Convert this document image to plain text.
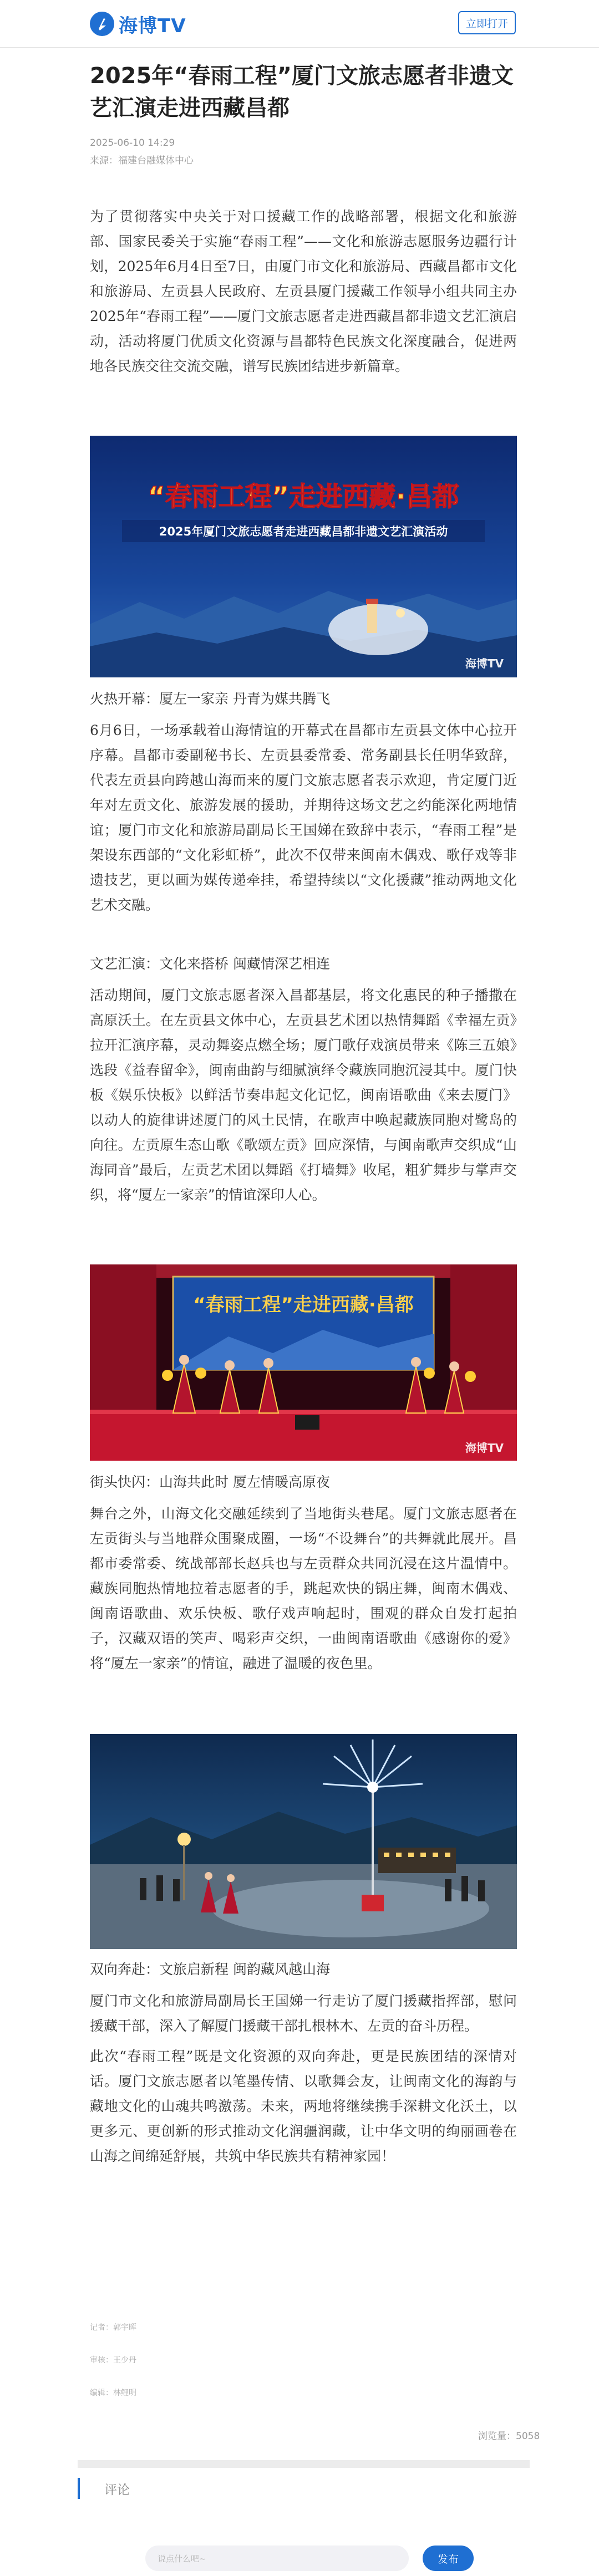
海博TV	立即打开
2025年“春雨工程”厦门文旅志愿者非遗文艺汇演走进西藏昌都
2025-06-10 14:29
来源：福建台融媒体中心

为了贯彻落实中央关于对口援藏工作的战略部署，根据文化和旅游部、国家民委关于实施“春雨工程”——文化和旅游志愿服务边疆行计划，2025年6月4日至7日，由厦门市文化和旅游局、西藏昌都市文化和旅游局、左贡县人民政府、左贡县厦门援藏工作领导小组共同主办2025年“春雨工程”——厦门文旅志愿者走进西藏昌都非遗文艺汇演启动，活动将厦门优质文化资源与昌都特色民族文化深度融合，促进两地各民族交往交流交融，谱写民族团结进步新篇章。

“春雨工程”走进西藏·昌都
2025年厦门文旅志愿者走进西藏昌都非遗文艺汇演活动
海博TV

火热开幕：厦左一家亲 丹青为媒共腾飞

6月6日，一场承载着山海情谊的开幕式在昌都市左贡县文体中心拉开序幕。昌都市委副秘书长、左贡县委常委、常务副县长任明华致辞，代表左贡县向跨越山海而来的厦门文旅志愿者表示欢迎，肯定厦门近年对左贡文化、旅游发展的援助，并期待这场文艺之约能深化两地情谊；厦门市文化和旅游局副局长王国娣在致辞中表示，“春雨工程”是架设东西部的“文化彩虹桥”，此次不仅带来闽南木偶戏、歌仔戏等非遗技艺，更以画为媒传递牵挂，希望持续以“文化援藏”推动两地文化艺术交融。

文艺汇演：文化来搭桥 闽藏情深艺相连

活动期间，厦门文旅志愿者深入昌都基层，将文化惠民的种子播撒在高原沃土。在左贡县文体中心，左贡县艺术团以热情舞蹈《幸福左贡》拉开汇演序幕，灵动舞姿点燃全场；厦门歌仔戏演员带来《陈三五娘》选段《益春留伞》，闽南曲韵与细腻演绎令藏族同胞沉浸其中。厦门快板《娱乐快板》以鲜活节奏串起文化记忆，闽南语歌曲《来去厦门》以动人的旋律讲述厦门的风土民情，在歌声中唤起藏族同胞对鹭岛的向往。左贡原生态山歌《歌颂左贡》回应深情，与闽南歌声交织成“山海同音”最后，左贡艺术团以舞蹈《打墙舞》收尾，粗犷舞步与掌声交织，将“厦左一家亲”的情谊深印人心。

“春雨工程”走进西藏·昌都
海博TV

街头快闪：山海共此时 厦左情暖高原夜

舞台之外，山海文化交融延续到了当地街头巷尾。厦门文旅志愿者在左贡街头与当地群众围聚成圈，一场“不设舞台”的共舞就此展开。昌都市委常委、统战部部长赵兵也与左贡群众共同沉浸在这片温情中。藏族同胞热情地拉着志愿者的手，跳起欢快的锅庄舞，闽南木偶戏、闽南语歌曲、欢乐快板、歌仔戏声响起时，围观的群众自发打起拍子，汉藏双语的笑声、喝彩声交织，一曲闽南语歌曲《感谢你的爱》将“厦左一家亲”的情谊，融进了温暖的夜色里。

双向奔赴：文旅启新程 闽韵藏风越山海

厦门市文化和旅游局副局长王国娣一行走访了厦门援藏指挥部，慰问援藏干部，深入了解厦门援藏干部扎根林木、左贡的奋斗历程。

此次“春雨工程”既是文化资源的双向奔赴，更是民族团结的深情对话。厦门文旅志愿者以笔墨传情、以歌舞会友，让闽南文化的海韵与藏地文化的山魂共鸣激荡。未来，两地将继续携手深耕文化沃土，以更多元、更创新的形式推动文化润疆润藏，让中华文明的绚丽画卷在山海之间绵延舒展，共筑中华民族共有精神家园！

记者：郭宇晖
审核：王少丹
编辑：林鲤明
浏览量：5058
评论
说点什么吧~	发布
